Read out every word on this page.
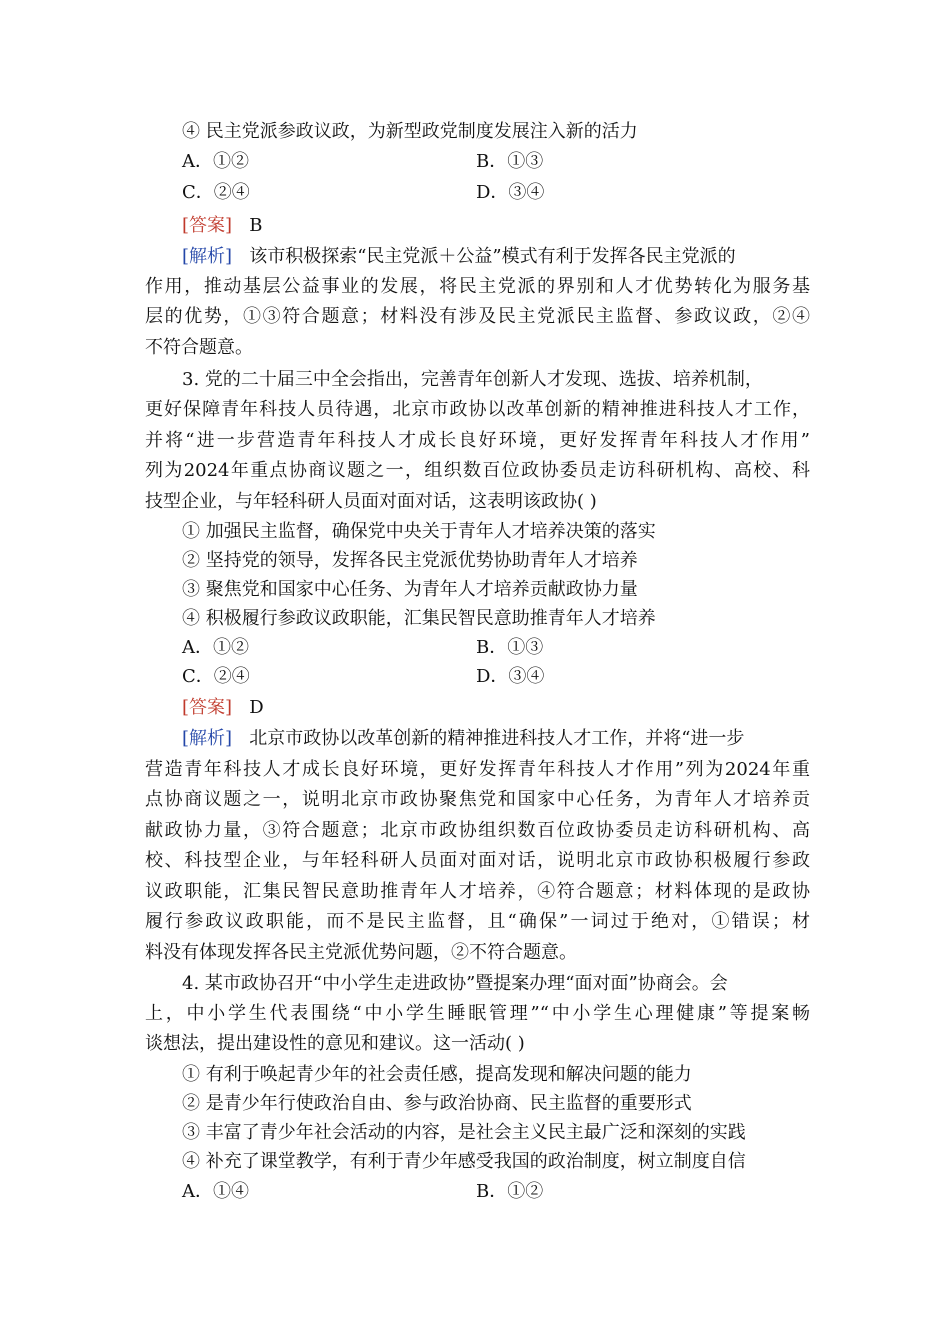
④ 民主党派参政议政，为新型政党制度发展注入新的活力
A．①②	B．①③
C．②④	D．③④
[答案] B
[解析] 该市积极探索“民主党派＋公益”模式有利于发挥各民主党派的
作用，推动基层公益事业的发展，将民主党派的界别和人才优势转化为服务基
层的优势，①③符合题意；材料没有涉及民主党派民主监督、参政议政，②④
不符合题意。
3. 党的二十届三中全会指出，完善青年创新人才发现、选拔、培养机制，
更好保障青年科技人员待遇，北京市政协以改革创新的精神推进科技人才工作，
并将“进一步营造青年科技人才成长良好环境，更好发挥青年科技人才作用”
列为2024年重点协商议题之一，组织数百位政协委员走访科研机构、高校、科
技型企业，与年轻科研人员面对面对话，这表明该政协( )
① 加强民主监督，确保党中央关于青年人才培养决策的落实
② 坚持党的领导，发挥各民主党派优势协助青年人才培养
③ 聚焦党和国家中心任务、为青年人才培养贡献政协力量
④ 积极履行参政议政职能，汇集民智民意助推青年人才培养
A．①②	B．①③
C．②④	D．③④
[答案] D
[解析] 北京市政协以改革创新的精神推进科技人才工作，并将“进一步
营造青年科技人才成长良好环境，更好发挥青年科技人才作用”列为2024年重
点协商议题之一，说明北京市政协聚焦党和国家中心任务，为青年人才培养贡
献政协力量，③符合题意；北京市政协组织数百位政协委员走访科研机构、高
校、科技型企业，与年轻科研人员面对面对话，说明北京市政协积极履行参政
议政职能，汇集民智民意助推青年人才培养，④符合题意；材料体现的是政协
履行参政议政职能，而不是民主监督，且“确保”一词过于绝对，①错误；材
料没有体现发挥各民主党派优势问题，②不符合题意。
4. 某市政协召开“中小学生走进政协”暨提案办理“面对面”协商会。会
上，中小学生代表围绕“中小学生睡眠管理”“中小学生心理健康”等提案畅
谈想法，提出建设性的意见和建议。这一活动( )
① 有利于唤起青少年的社会责任感，提高发现和解决问题的能力
② 是青少年行使政治自由、参与政治协商、民主监督的重要形式
③ 丰富了青少年社会活动的内容，是社会主义民主最广泛和深刻的实践
④ 补充了课堂教学，有利于青少年感受我国的政治制度，树立制度自信
A．①④	B．①②
